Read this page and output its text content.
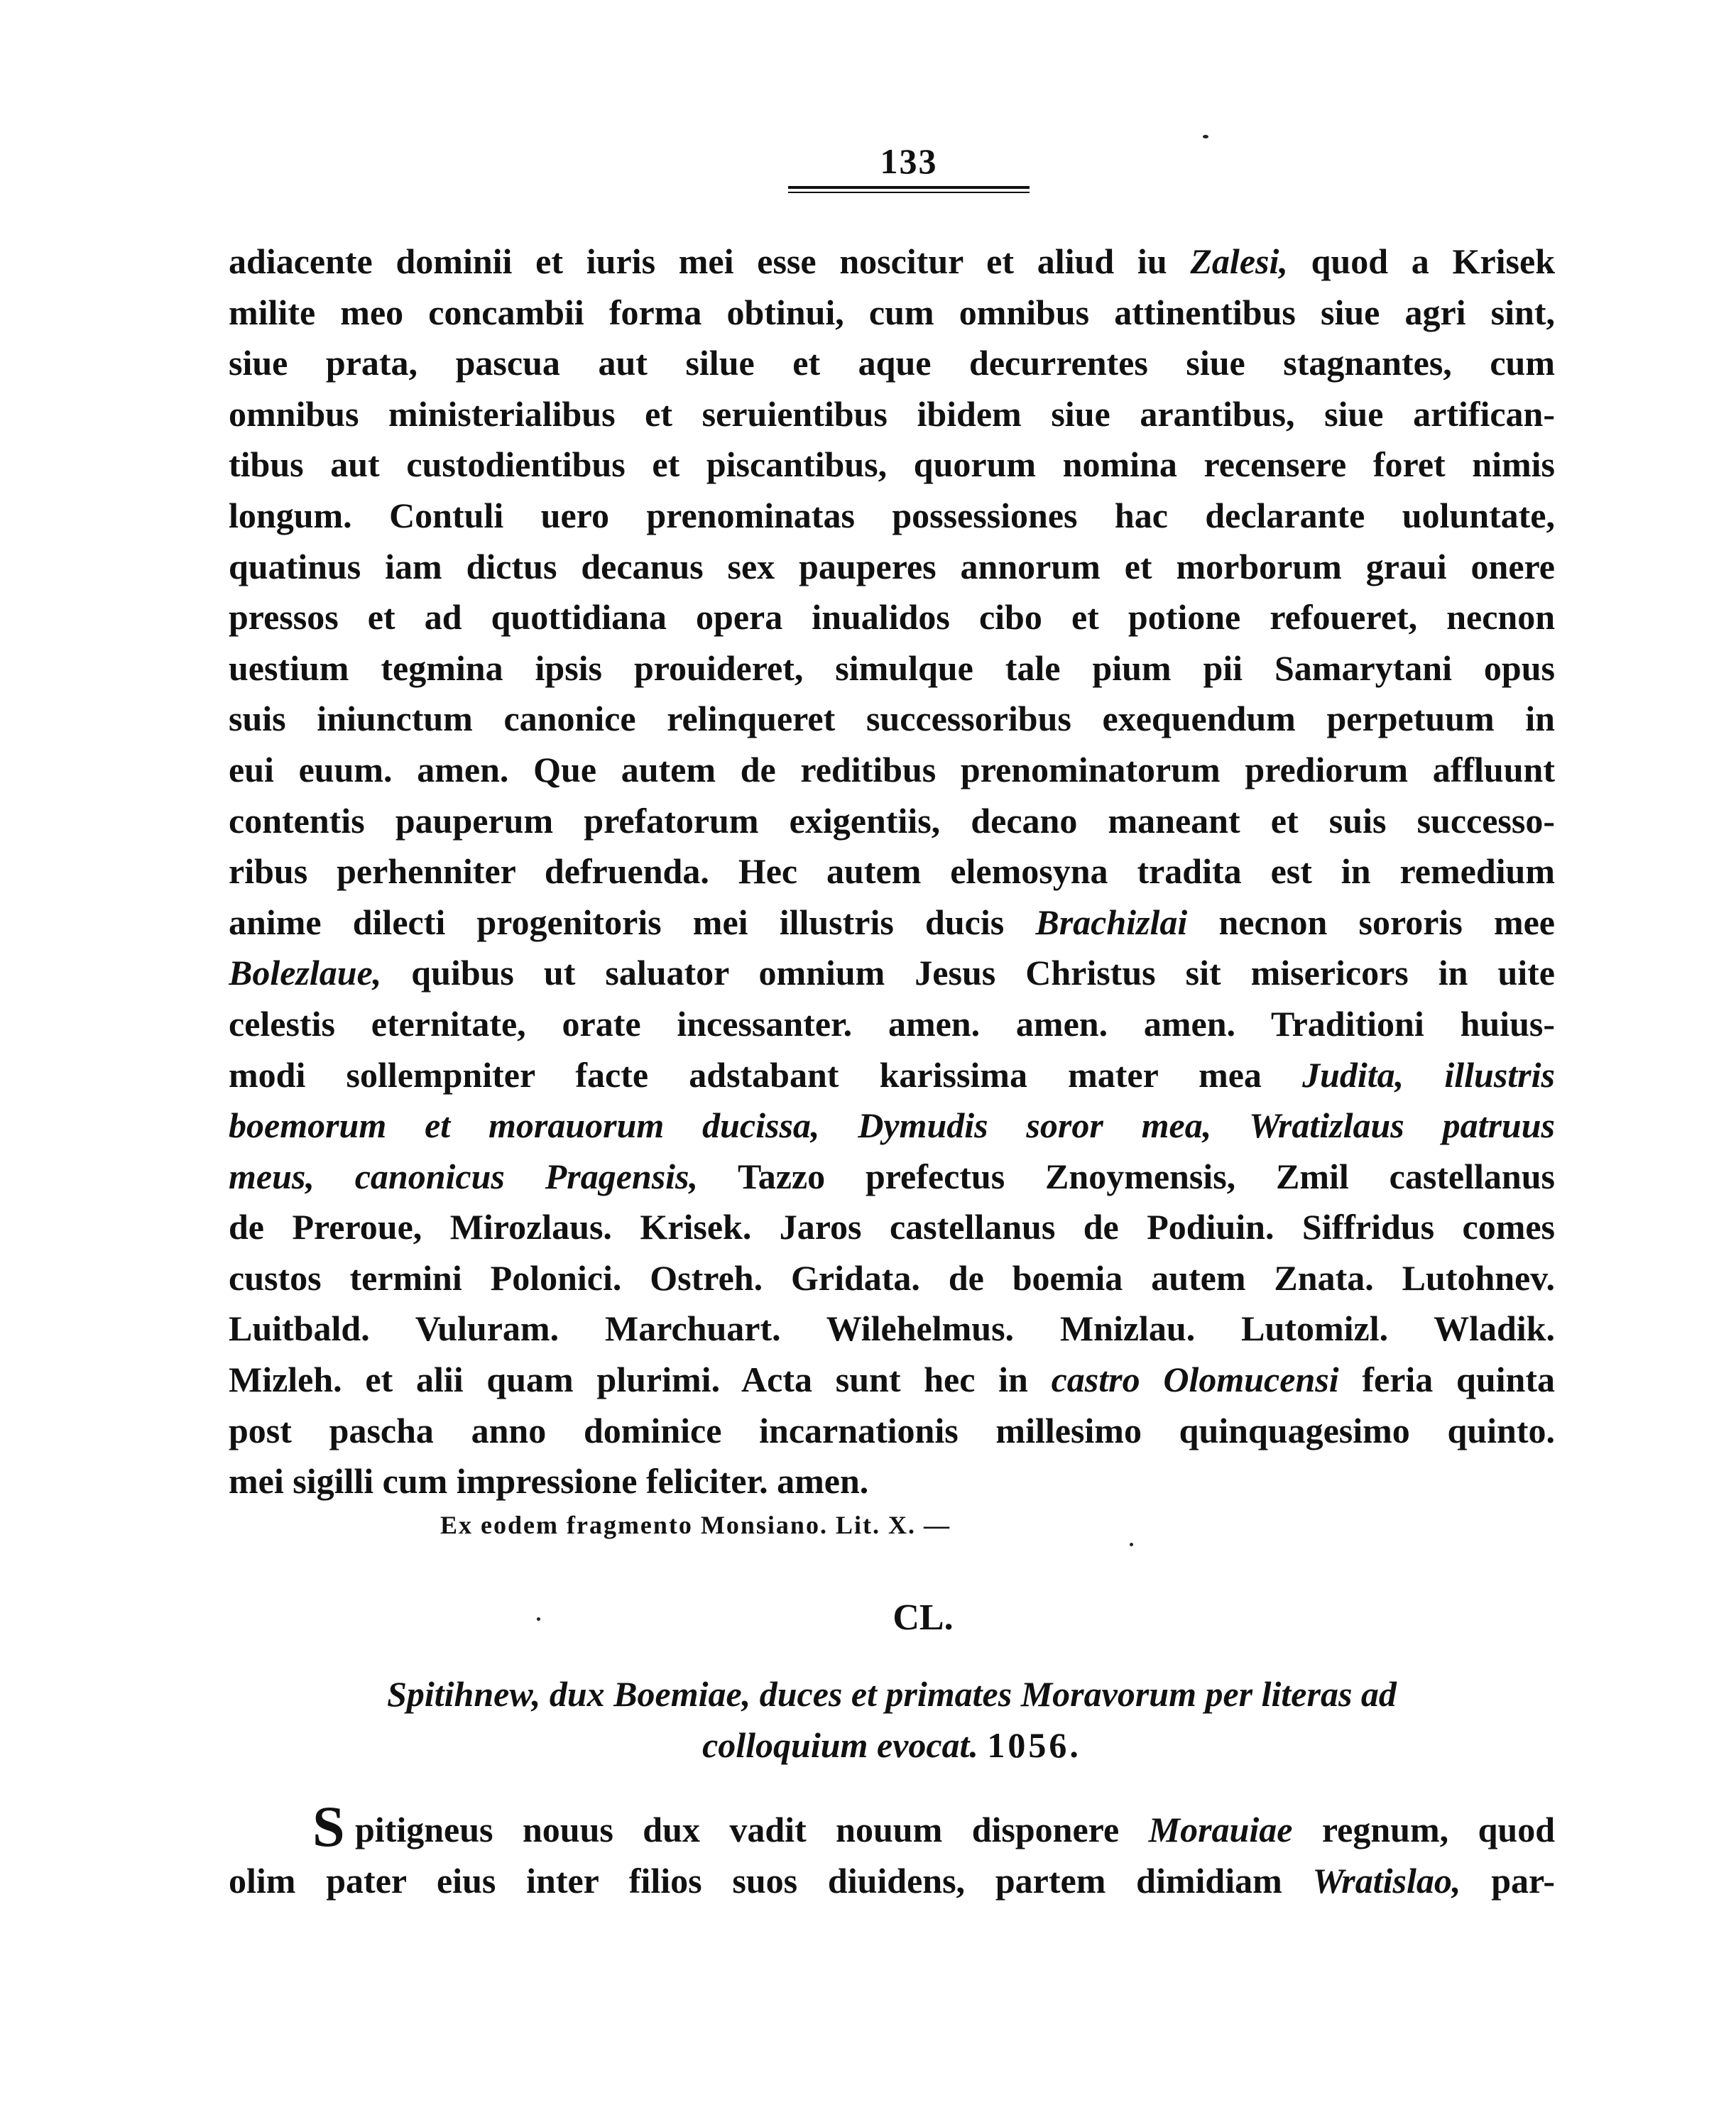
133
adiacente dominii et iuris mei esse noscitur et aliud iu Zalesi, quod a Krisek
milite meo concambii forma obtinui, cum omnibus attinentibus siue agri sint,
siue prata, pascua aut silue et aque decurrentes siue stagnantes, cum
omnibus ministerialibus et seruientibus ibidem siue arantibus, siue artifican-
tibus aut custodientibus et piscantibus, quorum nomina recensere foret nimis
longum. Contuli uero prenominatas possessiones hac declarante uoluntate,
quatinus iam dictus decanus sex pauperes annorum et morborum graui onere
pressos et ad quottidiana opera inualidos cibo et potione refoueret, necnon
uestium tegmina ipsis prouideret, simulque tale pium pii Samarytani opus
suis iniunctum canonice relinqueret successoribus exequendum perpetuum in
eui euum. amen. Que autem de reditibus prenominatorum prediorum affluunt
contentis pauperum prefatorum exigentiis, decano maneant et suis successo-
ribus perhenniter defruenda. Hec autem elemosyna tradita est in remedium
anime dilecti progenitoris mei illustris ducis Brachizlai necnon sororis mee
Bolezlaue, quibus ut saluator omnium Jesus Christus sit misericors in uite
celestis eternitate, orate incessanter. amen. amen. amen. Traditioni huius-
modi sollempniter facte adstabant karissima mater mea Judita, illustris
boemorum et morauorum ducissa, Dymudis soror mea, Wratizlaus patruus
meus, canonicus Pragensis, Tazzo prefectus Znoymensis, Zmil castellanus
de Preroue, Mirozlaus. Krisek. Jaros castellanus de Podiuin. Siffridus comes
custos termini Polonici. Ostreh. Gridata. de boemia autem Znata. Lutohnev.
Luitbald. Vuluram. Marchuart. Wilehelmus. Mnizlau. Lutomizl. Wladik.
Mizleh. et alii quam plurimi. Acta sunt hec in castro Olomucensi feria quinta
post pascha anno dominice incarnationis millesimo quinquagesimo quinto.
mei sigilli cum impressione feliciter. amen.
Ex eodem fragmento Monsiano. Lit. X. —
CL.
Spitihnew, dux Boemiae, duces et primates Moravorum per literas ad
colloquium evocat. 1056.
S pitigneus nouus dux vadit nouum disponere Morauiae regnum, quod
olim pater eius inter filios suos diuidens, partem dimidiam Wratislao, par-
